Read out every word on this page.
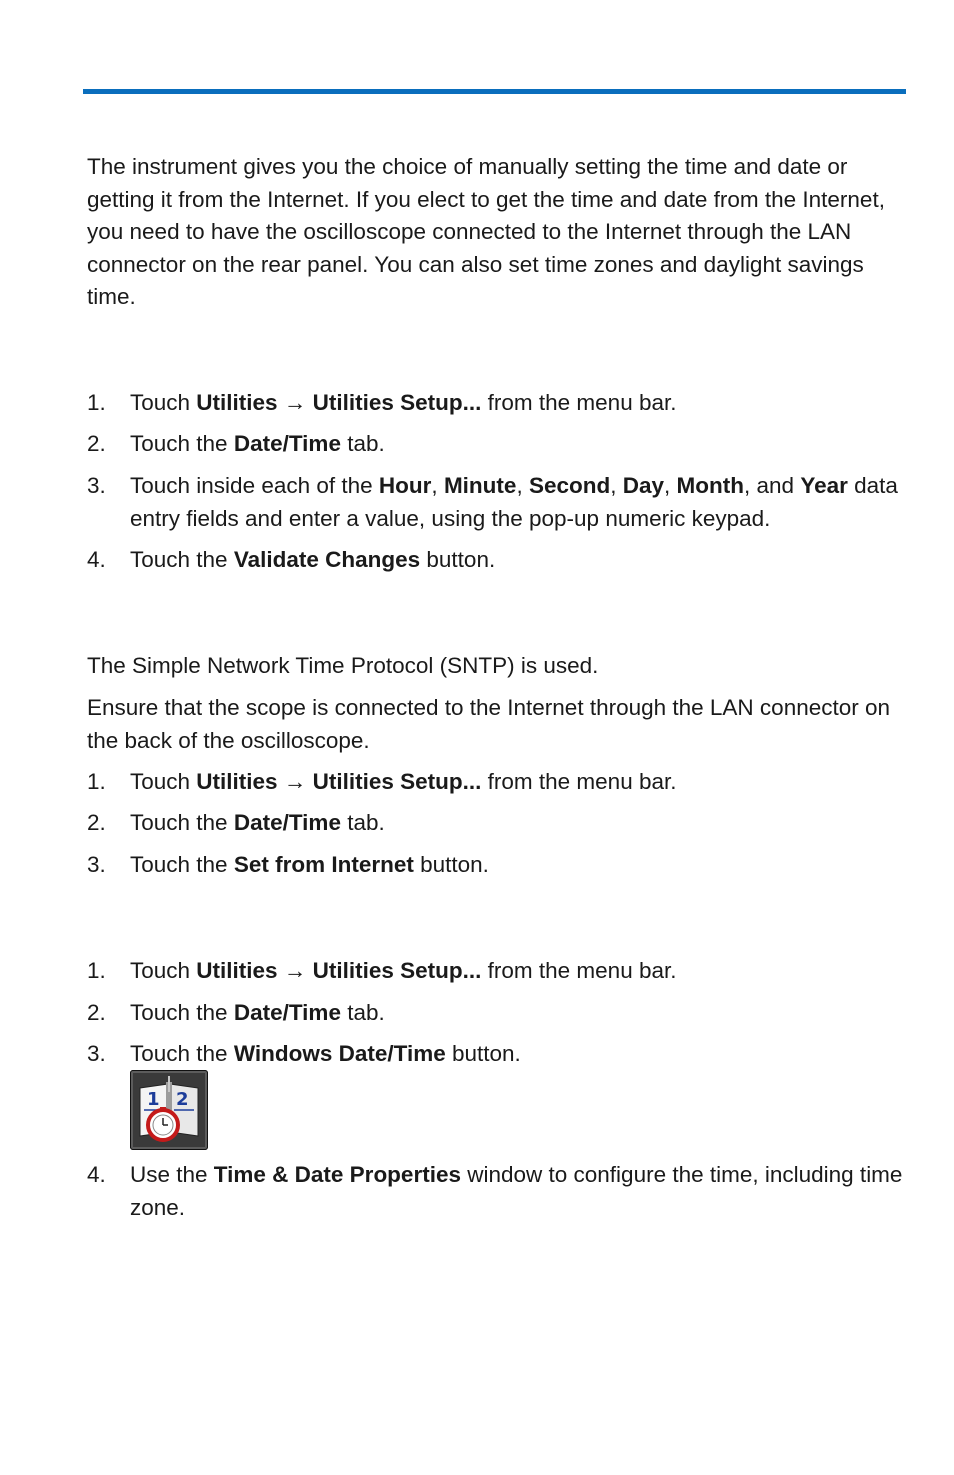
The instrument gives you the choice of manually setting the time and date or getting it from the Internet. If you elect to get the time and date from the Internet, you need to have the oscilloscope connected to the Internet through the LAN connector on the rear panel. You can also set time zones and daylight savings time.

1.	Touch Utilities → Utilities Setup... from the menu bar.
2.	Touch the Date/Time tab.
3.	Touch inside each of the Hour, Minute, Second, Day, Month, and Year data entry fields and enter a value, using the pop-up numeric keypad.
4.	Touch the Validate Changes button.

The Simple Network Time Protocol (SNTP) is used.

Ensure that the scope is connected to the Internet through the LAN connector on the back of the oscilloscope.

1.	Touch Utilities → Utilities Setup... from the menu bar.
2.	Touch the Date/Time tab.
3.	Touch the Set from Internet button.
1.	Touch Utilities → Utilities Setup... from the menu bar.
2.	Touch the Date/Time tab.
3.	Touch the Windows Date/Time button.
1 2
4.	Use the Time & Date Properties window to configure the time, including time zone.
